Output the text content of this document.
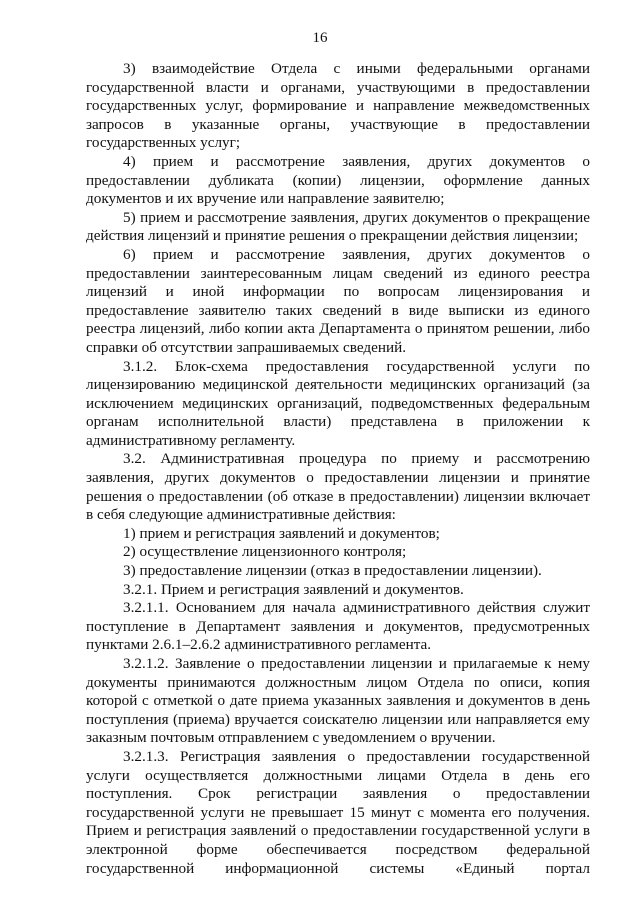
16

3) взаимодействие Отдела с иными федеральными органами государственной власти и органами, участвующими в предоставлении государственных услуг, формирование и направление межведомственных запросов в указанные органы, участвующие в предоставлении государственных услуг;

4) прием и рассмотрение заявления, других документов о предоставлении дубликата (копии) лицензии, оформление данных документов и их вручение или направление заявителю;

5) прием и рассмотрение заявления, других документов о прекращение действия лицензий и принятие решения о прекращении действия лицензии;

6) прием и рассмотрение заявления, других документов о предоставлении заинтересованным лицам сведений из единого реестра лицензий и иной информации по вопросам лицензирования и предоставление заявителю таких сведений в виде выписки из единого реестра лицензий, либо копии акта Департамента о принятом решении, либо справки об отсутствии запрашиваемых сведений.

3.1.2. Блок-схема предоставления государственной услуги по лицензированию медицинской деятельности медицинских организаций (за исключением медицинских организаций, подведомственных федеральным органам исполнительной власти) представлена в приложении к административному регламенту.

3.2. Административная процедура по приему и рассмотрению заявления, других документов о предоставлении лицензии и принятие решения о предоставлении (об отказе в предоставлении) лицензии включает в себя следующие административные действия:

1) прием и регистрация заявлений и документов;

2) осуществление лицензионного контроля;

3) предоставление лицензии (отказ в предоставлении лицензии).

3.2.1. Прием и регистрация заявлений и документов.

3.2.1.1. Основанием для начала административного действия служит поступление в Департамент заявления и документов, предусмотренных пунктами 2.6.1–2.6.2 административного регламента.

3.2.1.2. Заявление о предоставлении лицензии и прилагаемые к нему документы принимаются должностным лицом Отдела по описи, копия которой с отметкой о дате приема указанных заявления и документов в день поступления (приема) вручается соискателю лицензии или направляется ему заказным почтовым отправлением с уведомлением о вручении.

3.2.1.3. Регистрация заявления о предоставлении государственной услуги осуществляется должностными лицами Отдела в день его поступления. Срок регистрации заявления о предоставлении государственной услуги не превышает 15 минут с момента его получения. Прием и регистрация заявлений о предоставлении государственной услуги в электронной форме обеспечивается посредством федеральной государственной информационной системы «Единый портал
